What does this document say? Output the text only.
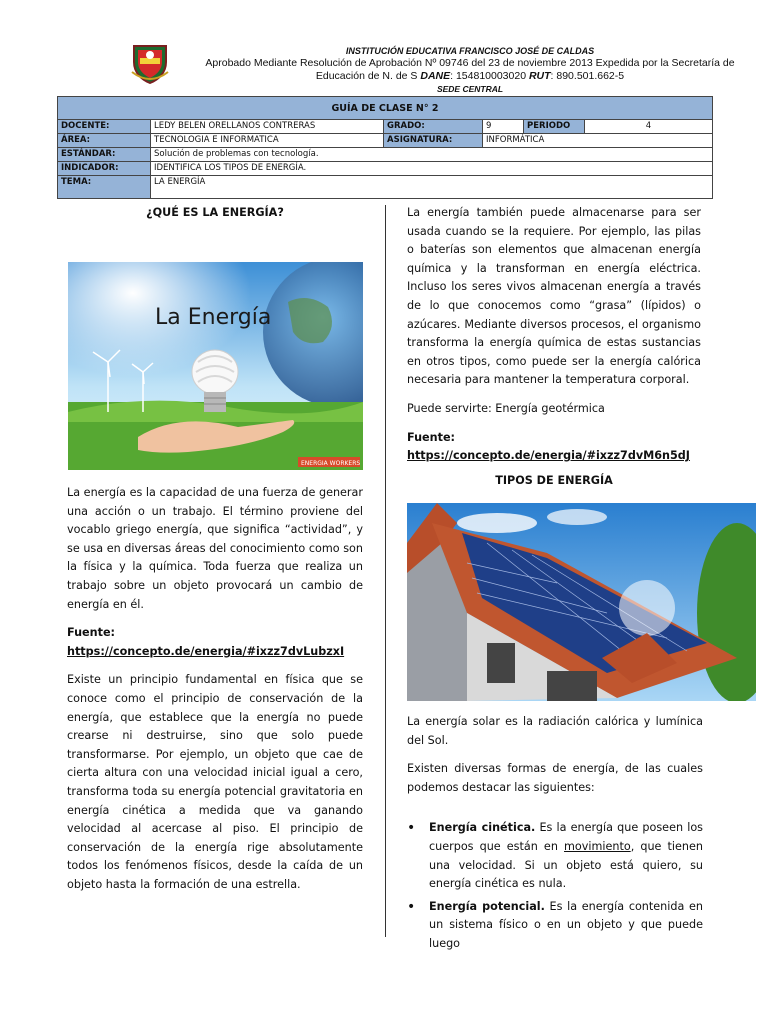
INSTITUCIÓN EDUCATIVA FRANCISCO JOSÉ DE CALDAS
Aprobado Mediante Resolución de Aprobación Nº 09746 del 23 de noviembre 2013 Expedida por la Secretaría de
Educación de N. de S DANE: 154810003020 RUT: 890.501.662-5
SEDE CENTRAL
GUÍA DE CLASE N° 2					
DOCENTE:	LEDY BELEN ORELLANOS CONTRERAS	GRADO:	9	PERIODO	4
ÁREA:	TECNOLOGIA E INFORMATICA	ASIGNATURA:	INFORMÁTICA		
ESTÁNDAR:	Solución de problemas con tecnología.				
INDICADOR:	IDENTIFICA LOS TIPOS DE ENERGÍA.				
TEMA:	LA ENERGÍA				
¿QUÉ ES LA ENERGÍA?
La Energía
ENERGIA WORKERS

La energía es la capacidad de una fuerza de generar una acción o un trabajo. El término proviene del vocablo griego energía, que significa “actividad”, y se usa en diversas áreas del conocimiento como son la física y la química. Toda fuerza que realiza un trabajo sobre un objeto provocará un cambio de energía en él.

Fuente:
https://concepto.de/energia/#ixzz7dvLubzxI

Existe un principio fundamental en física que se conoce como el principio de conservación de la energía, que establece que la energía no puede crearse ni destruirse, sino que solo puede transformarse. Por ejemplo, un objeto que cae de cierta altura con una velocidad inicial igual a cero, transforma toda su energía potencial gravitatoria en energía cinética a medida que va ganando velocidad al acercase al piso. El principio de conservación de la energía rige absolutamente todos los fenómenos físicos, desde la caída de un objeto hasta la formación de una estrella.

La energía también puede almacenarse para ser usada cuando se la requiere. Por ejemplo, las pilas o baterías son elementos que almacenan energía química y la transforman en energía eléctrica. Incluso los seres vivos almacenan energía a través de lo que conocemos como “grasa” (lípidos) o azúcares. Mediante diversos procesos, el organismo transforma la energía química de estas sustancias en otros tipos, como puede ser la energía calórica necesaria para mantener la temperatura corporal.

Puede servirte: Energía geotérmica

Fuente:
https://concepto.de/energia/#ixzz7dvM6n5dJ

TIPOS DE ENERGÍA

La energía solar es la radiación calórica y lumínica del Sol.

Existen diversas formas de energía, de las cuales podemos destacar las siguientes:

• Energía cinética. Es la energía que poseen los cuerpos que están en movimiento, que tienen una velocidad. Si un objeto está quiero, su energía cinética es nula.
• Energía potencial. Es la energía contenida en un sistema físico o en un objeto y que puede luego
